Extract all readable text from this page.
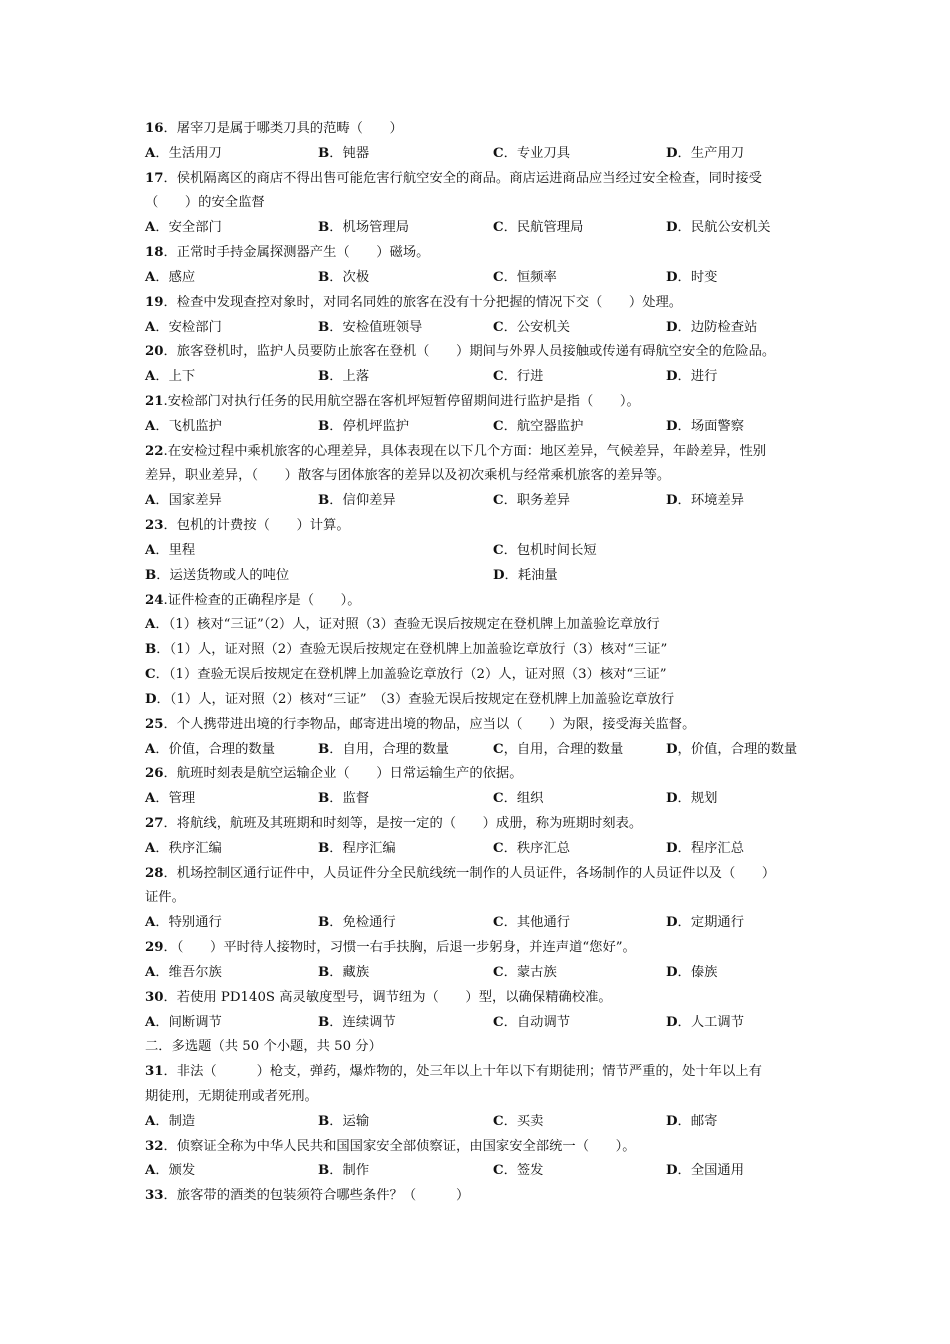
16．屠宰刀是属于哪类刀具的范畴（　　）
A．生活用刀	B．钝器	C．专业刀具	D．生产用刀
17．侯机隔离区的商店不得出售可能危害行航空安全的商品。商店运进商品应当经过安全检查，同时接受
（　　）的安全监督
A．安全部门	B．机场管理局	C．民航管理局	D．民航公安机关
18．正常时手持金属探测器产生（　　）磁场。
A．感应	B．次极	C．恒频率	D．时变
19．检查中发现查控对象时，对同名同姓的旅客在没有十分把握的情况下交（　　）处理。
A．安检部门	B．安检值班领导	C．公安机关	D．边防检查站
20．旅客登机时，监护人员要防止旅客在登机（　　）期间与外界人员接触或传递有碍航空安全的危险品。
A．上下	B．上落	C．行进	D．进行
21.安检部门对执行任务的民用航空器在客机坪短暂停留期间进行监护是指（　　）。
A．飞机监护	B．停机坪监护	C．航空器监护	D．场面警察
22.在安检过程中乘机旅客的心理差异，具体表现在以下几个方面：地区差异，气候差异，年龄差异，性别
差异，职业差异，（　　）散客与团体旅客的差异以及初次乘机与经常乘机旅客的差异等。
A．国家差异	B．信仰差异	C．职务差异	D．环境差异
23．包机的计费按（　　）计算。
A．里程	C．包机时间长短
B．运送货物或人的吨位	D．耗油量
24.证件检查的正确程序是（　　）。
A．（1）核对“三证”（2）人，证对照（3）查验无误后按规定在登机牌上加盖验讫章放行
B．（1）人，证对照（2）查验无误后按规定在登机牌上加盖验讫章放行（3）核对“三证”
C．（1）查验无误后按规定在登机牌上加盖验讫章放行（2）人，证对照（3）核对“三证”
D．（1）人，证对照（2）核对“三证”　（3）查验无误后按规定在登机牌上加盖验讫章放行
25．个人携带进出境的行李物品，邮寄进出境的物品，应当以（　　）为限，接受海关监督。
A．价值，合理的数量	B．自用，合理的数量	C，自用，合理的数量	D，价值，合理的数量
26．航班时刻表是航空运输企业（　　）日常运输生产的依据。
A．管理	B．监督	C．组织	D．规划
27．将航线，航班及其班期和时刻等，是按一定的（　　）成册，称为班期时刻表。
A．秩序汇编	B．程序汇编	C．秩序汇总	D．程序汇总
28．机场控制区通行证件中，人员证件分全民航线统一制作的人员证件，各场制作的人员证件以及（　　）
证件。
A．特别通行	B．免检通行	C．其他通行	D．定期通行
29．（　　）平时待人接物时，习惯一右手扶胸，后退一步躬身，并连声道“您好”。
A．维吾尔族	B．藏族	C．蒙古族	D．傣族
30．若使用 PD140S 高灵敏度型号，调节纽为（　　）型，以确保精确校准。
A．间断调节	B．连续调节	C．自动调节	D．人工调节
二．多选题（共 50 个小题，共 50 分）
31．非法（　　　）枪支，弹药，爆炸物的，处三年以上十年以下有期徒刑；情节严重的，处十年以上有
期徒刑，无期徒刑或者死刑。
A．制造	B．运输	C．买卖	D．邮寄
32．侦察证全称为中华人民共和国国家安全部侦察证，由国家安全部统一（　　）。
A．颁发	B．制作	C．签发	D．全国通用
33．旅客带的酒类的包装须符合哪些条件？（　　　）
